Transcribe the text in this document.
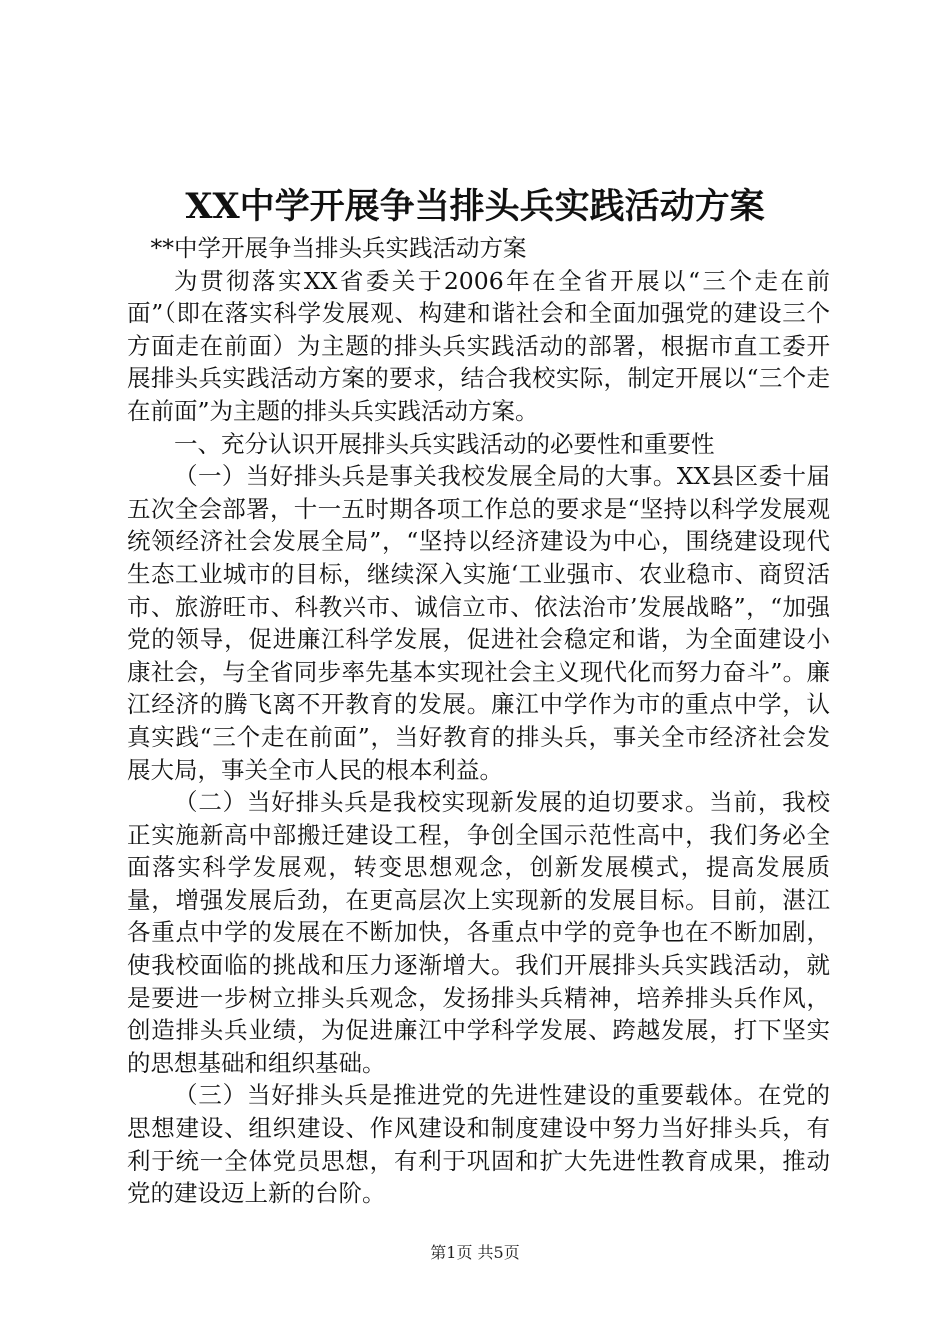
XX中学开展争当排头兵实践活动方案

**中学开展争当排头兵实践活动方案

为贯彻落实XX省委关于2006年在全省开展以“三个走在前面”（即在落实科学发展观、构建和谐社会和全面加强党的建设三个方面走在前面）为主题的排头兵实践活动的部署，根据市直工委开展排头兵实践活动方案的要求，结合我校实际，制定开展以“三个走在前面”为主题的排头兵实践活动方案。

一、充分认识开展排头兵实践活动的必要性和重要性

（一）当好排头兵是事关我校发展全局的大事。XX县区委十届五次全会部署，十一五时期各项工作总的要求是“坚持以科学发展观统领经济社会发展全局”，“坚持以经济建设为中心，围绕建设现代生态工业城市的目标，继续深入实施‘工业强市、农业稳市、商贸活市、旅游旺市、科教兴市、诚信立市、依法治市’发展战略”，“加强党的领导，促进廉江科学发展，促进社会稳定和谐，为全面建设小康社会，与全省同步率先基本实现社会主义现代化而努力奋斗”。廉江经济的腾飞离不开教育的发展。廉江中学作为市的重点中学，认真实践“三个走在前面”，当好教育的排头兵，事关全市经济社会发展大局，事关全市人民的根本利益。

（二）当好排头兵是我校实现新发展的迫切要求。当前，我校正实施新高中部搬迁建设工程，争创全国示范性高中，我们务必全面落实科学发展观，转变思想观念，创新发展模式，提高发展质量，增强发展后劲，在更高层次上实现新的发展目标。目前，湛江各重点中学的发展在不断加快，各重点中学的竞争也在不断加剧，使我校面临的挑战和压力逐渐增大。我们开展排头兵实践活动，就是要进一步树立排头兵观念，发扬排头兵精神，培养排头兵作风，创造排头兵业绩，为促进廉江中学科学发展、跨越发展，打下坚实的思想基础和组织基础。

（三）当好排头兵是推进党的先进性建设的重要载体。在党的思想建设、组织建设、作风建设和制度建设中努力当好排头兵，有利于统一全体党员思想，有利于巩固和扩大先进性教育成果，推动党的建设迈上新的台阶。

第1页 共5页
